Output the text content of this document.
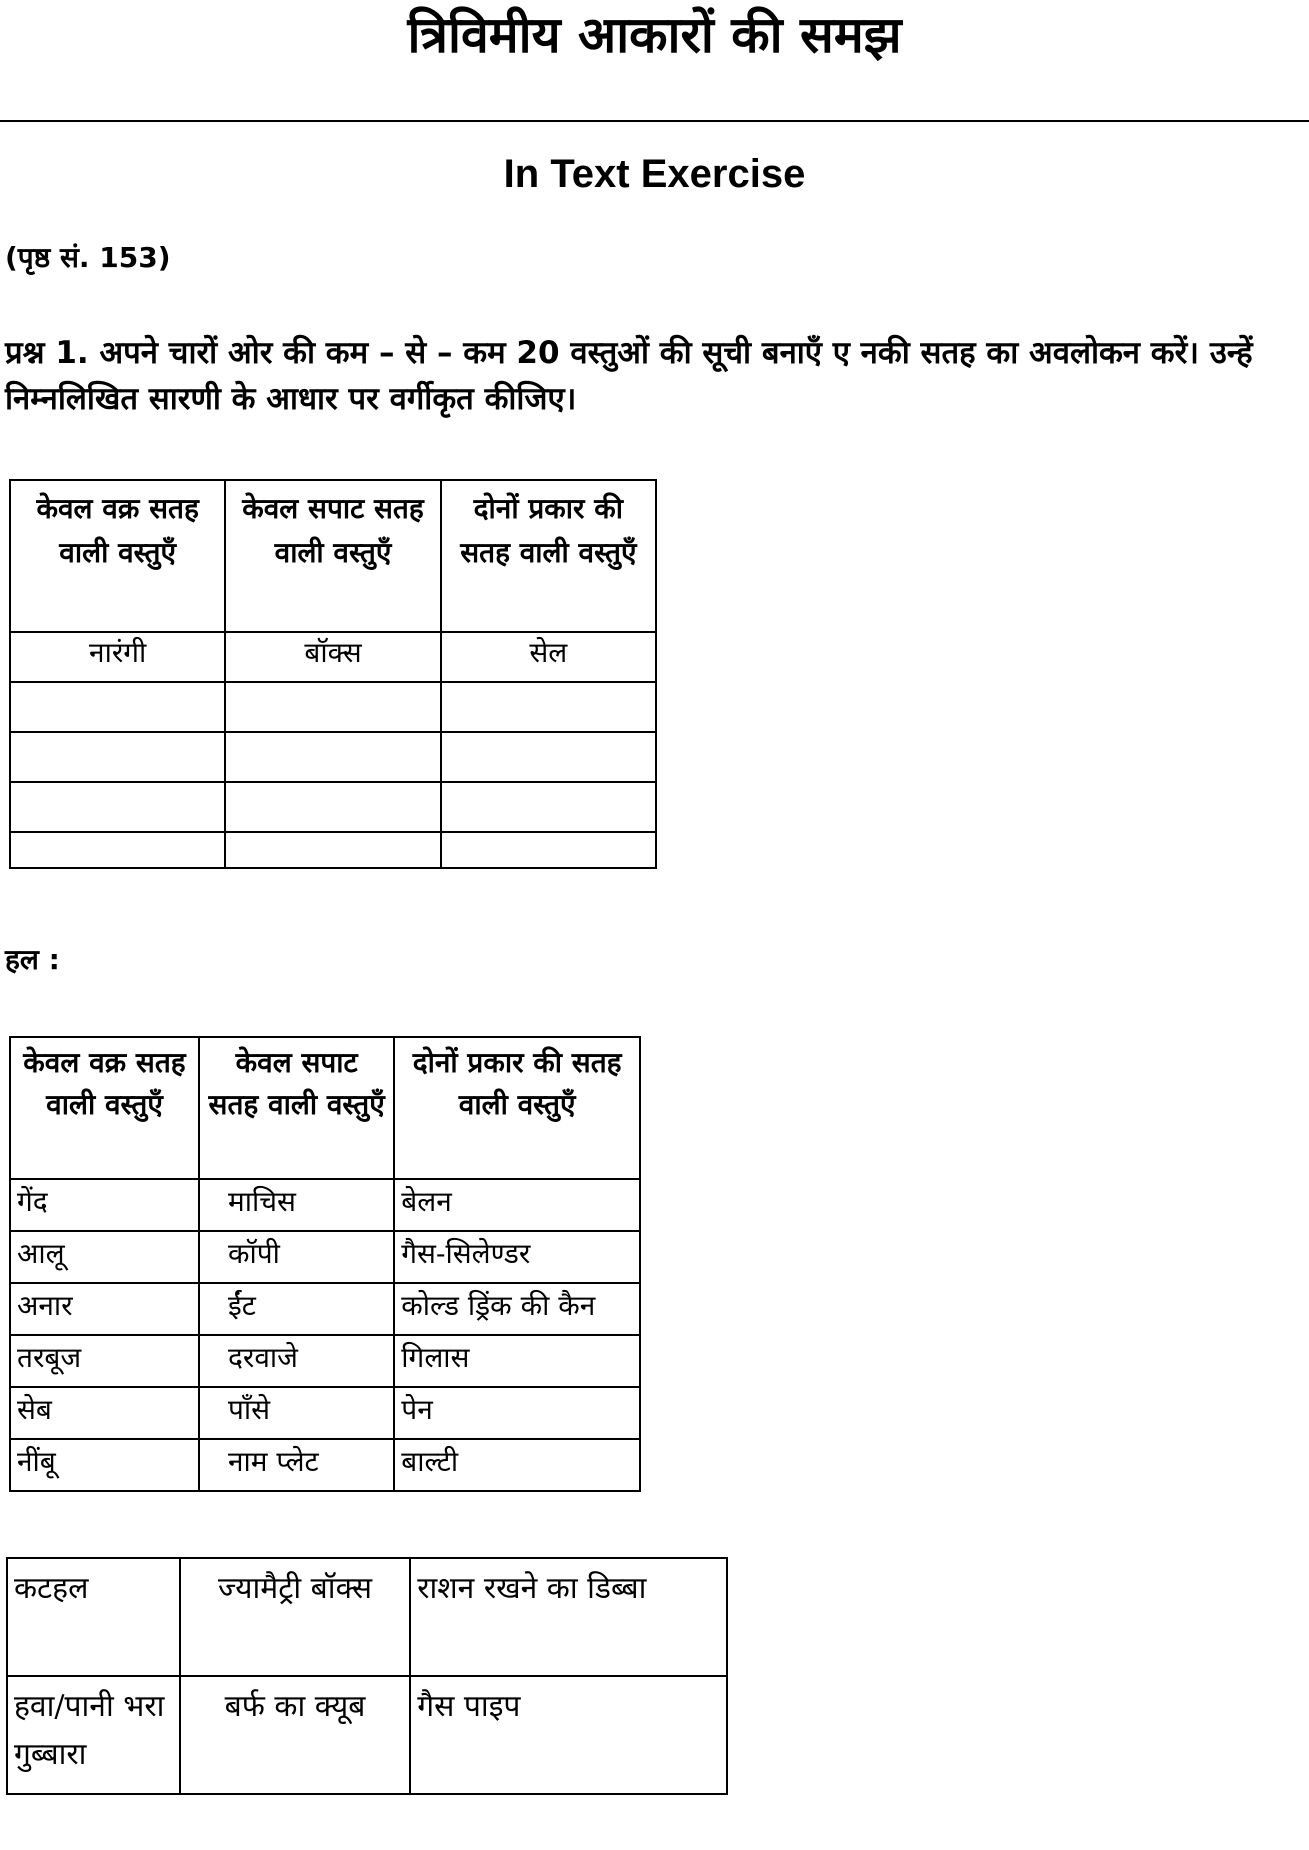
त्रिविमीय आकारों की समझ
In Text Exercise
(पृष्ठ सं. 153)
प्रश्न 1. अपने चारों ओर की कम – से – कम 20 वस्तुओं की सूची बनाएँ ए नकी सतह का अवलोकन करें। उन्हें निम्नलिखित सारणी के आधार पर वर्गीकृत कीजिए।
केवल वक्र सतह वाली वस्तुएँ	केवल सपाट सतह वाली वस्तुएँ	दोनों प्रकार की सतह वाली वस्तुएँ
नारंगी	बॉक्स	सेल

हल :
केवल वक्र सतह वाली वस्तुएँ	केवल सपाट सतह वाली वस्तुएँ	दोनों प्रकार की सतह वाली वस्तुएँ
गेंद	माचिस	बेलन
आलू	कॉपी	गैस-सिलेण्डर
अनार	ईंट	कोल्ड ड्रिंक की कैन
तरबूज	दरवाजे	गिलास
सेब	पाँसे	पेन
नींबू	नाम प्लेट	बाल्टी
कटहल	ज्यामैट्री बॉक्स	राशन रखने का डिब्बा
हवा/पानी भरा गुब्बारा	बर्फ का क्यूब	गैस पाइप
